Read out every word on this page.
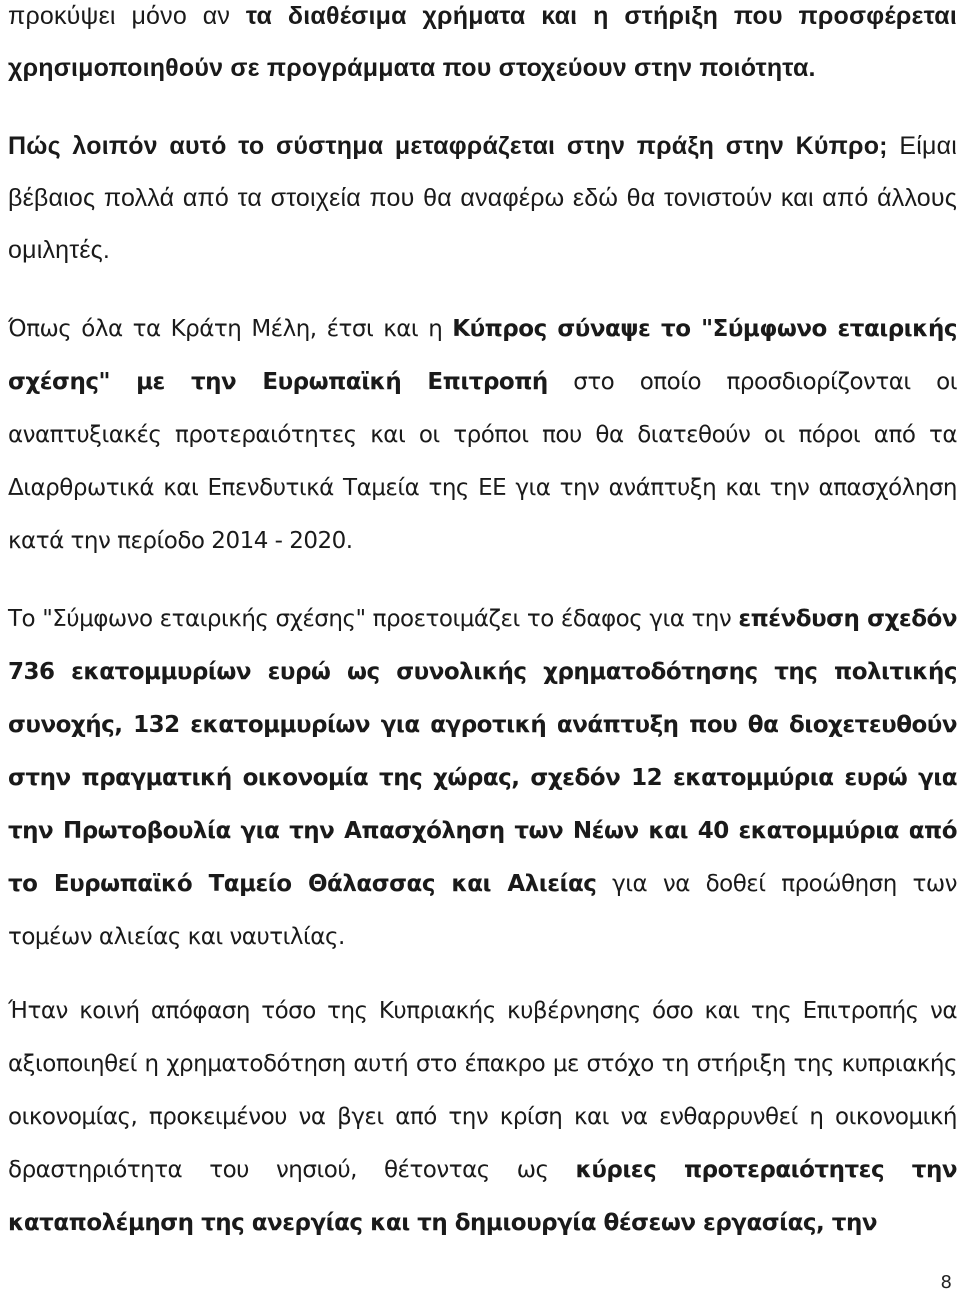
προκύψει μόνο αν τα διαθέσιμα χρήματα και η στήριξη που προσφέρεται χρησιμοποιηθούν σε προγράμματα που στοχεύουν στην ποιότητα.

Πώς λοιπόν αυτό το σύστημα μεταφράζεται στην πράξη στην Κύπρο; Είμαι βέβαιος πολλά από τα στοιχεία που θα αναφέρω εδώ θα τονιστούν και από άλλους ομιλητές.

Όπως όλα τα Κράτη Μέλη, έτσι και η Κύπρος σύναψε το "Σύμφωνο εταιρικής σχέσης" με την Ευρωπαϊκή Επιτροπή στο οποίο προσδιορίζονται οι αναπτυξιακές προτεραιότητες και οι τρόποι που θα διατεθούν οι πόροι από τα Διαρθρωτικά και Επενδυτικά Ταμεία της ΕΕ για την ανάπτυξη και την απασχόληση κατά την περίοδο 2014 - 2020.

Το "Σύμφωνο εταιρικής σχέσης" προετοιμάζει το έδαφος για την επένδυση σχεδόν 736 εκατομμυρίων ευρώ ως συνολικής χρηματοδότησης της πολιτικής συνοχής, 132 εκατομμυρίων για αγροτική ανάπτυξη που θα διοχετευθούν στην πραγματική οικονομία της χώρας, σχεδόν 12 εκατομμύρια ευρώ για την Πρωτοβουλία για την Απασχόληση των Νέων και 40 εκατομμύρια από το Ευρωπαϊκό Ταμείο Θάλασσας και Αλιείας για να δοθεί προώθηση των τομέων αλιείας και ναυτιλίας.

Ήταν κοινή απόφαση τόσο της Κυπριακής κυβέρνησης όσο και της Επιτροπής να αξιοποιηθεί η χρηματοδότηση αυτή στο έπακρο με στόχο τη στήριξη της κυπριακής οικονομίας, προκειμένου να βγει από την κρίση και να ενθαρρυνθεί η οικονομική δραστηριότητα του νησιού, θέτοντας ως κύριες προτεραιότητες την καταπολέμηση της ανεργίας και τη δημιουργία θέσεων εργασίας, την

8
